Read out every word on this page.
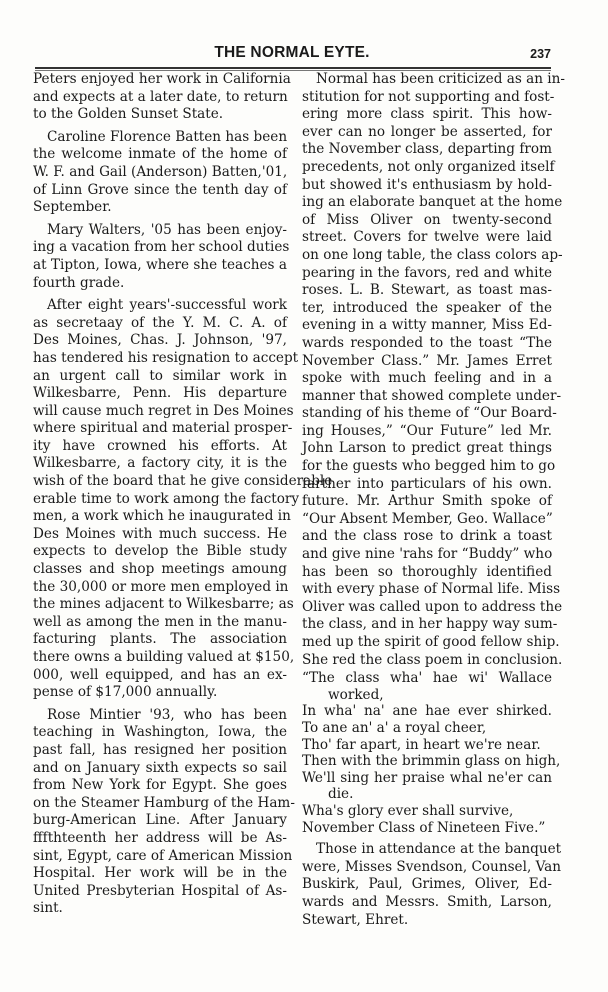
THE NORMAL EYTE.	237
Peters enjoyed her work in California
and expects at a later date, to return
to the Golden Sunset State.
Caroline Florence Batten has been
the welcome inmate of the home of
W. F. and Gail (Anderson) Batten,'01,
of Linn Grove since the tenth day of
September.
Mary Walters, '05 has been enjoy-
ing a vacation from her school duties
at Tipton, Iowa, where she teaches a
fourth grade.
After eight years'-successful work
as secretaay of the Y. M. C. A. of
Des Moines, Chas. J. Johnson, '97,
has tendered his resignation to accept
an urgent call to similar work in
Wilkesbarre, Penn. His departure
will cause much regret in Des Moines
where spiritual and material prosper-
ity have crowned his efforts. At
Wilkesbarre, a factory city, it is the
wish of the board that he give considerable
erable time to work among the factory
men, a work which he inaugurated in
Des Moines with much success. He
expects to develop the Bible study
classes and shop meetings amoung
the 30,000 or more men employed in
the mines adjacent to Wilkesbarre; as
well as among the men in the manu-
facturing plants. The association
there owns a building valued at $150,
000, well equipped, and has an ex-
pense of $17,000 annually.
Rose Mintier '93, who has been
teaching in Washington, Iowa, the
past fall, has resigned her position
and on January sixth expects so sail
from New York for Egypt. She goes
on the Steamer Hamburg of the Ham-
burg-American Line. After January
fffthteenth her address will be As-
sint, Egypt, care of American Mission
Hospital. Her work will be in the
United Presbyterian Hospital of As-
sint.
Normal has been criticized as an in-
stitution for not supporting and fost-
ering more class spirit. This how-
ever can no longer be asserted, for
the November class, departing from
precedents, not only organized itself
but showed it's enthusiasm by hold-
ing an elaborate banquet at the home
of Miss Oliver on twenty-second
street. Covers for twelve were laid
on one long table, the class colors ap-
pearing in the favors, red and white
roses. L. B. Stewart, as toast mas-
ter, introduced the speaker of the
evening in a witty manner, Miss Ed-
wards responded to the toast “The
November Class.” Mr. James Erret
spoke with much feeling and in a
manner that showed complete under-
standing of his theme of “Our Board-
ing Houses,” “Our Future” led Mr.
John Larson to predict great things
for the guests who begged him to go
farther into particulars of his own.
future. Mr. Arthur Smith spoke of
“Our Absent Member, Geo. Wallace”
and the class rose to drink a toast
and give nine 'rahs for “Buddy” who
has been so thoroughly identified
with every phase of Normal life. Miss
Oliver was called upon to address the
the class, and in her happy way sum-
med up the spirit of good fellow ship.
She red the class poem in conclusion.
“The class wha' hae wi' Wallace
worked,
In wha' na' ane hae ever shirked.
To ane an' a' a royal cheer,
Tho' far apart, in heart we're near.
Then with the brimmin glass on high,
We'll sing her praise whal ne'er can
die.
Wha's glory ever shall survive,
November Class of Nineteen Five.”
Those in attendance at the banquet
were, Misses Svendson, Counsel, Van
Buskirk, Paul, Grimes, Oliver, Ed-
wards and Messrs. Smith, Larson,
Stewart, Ehret.
